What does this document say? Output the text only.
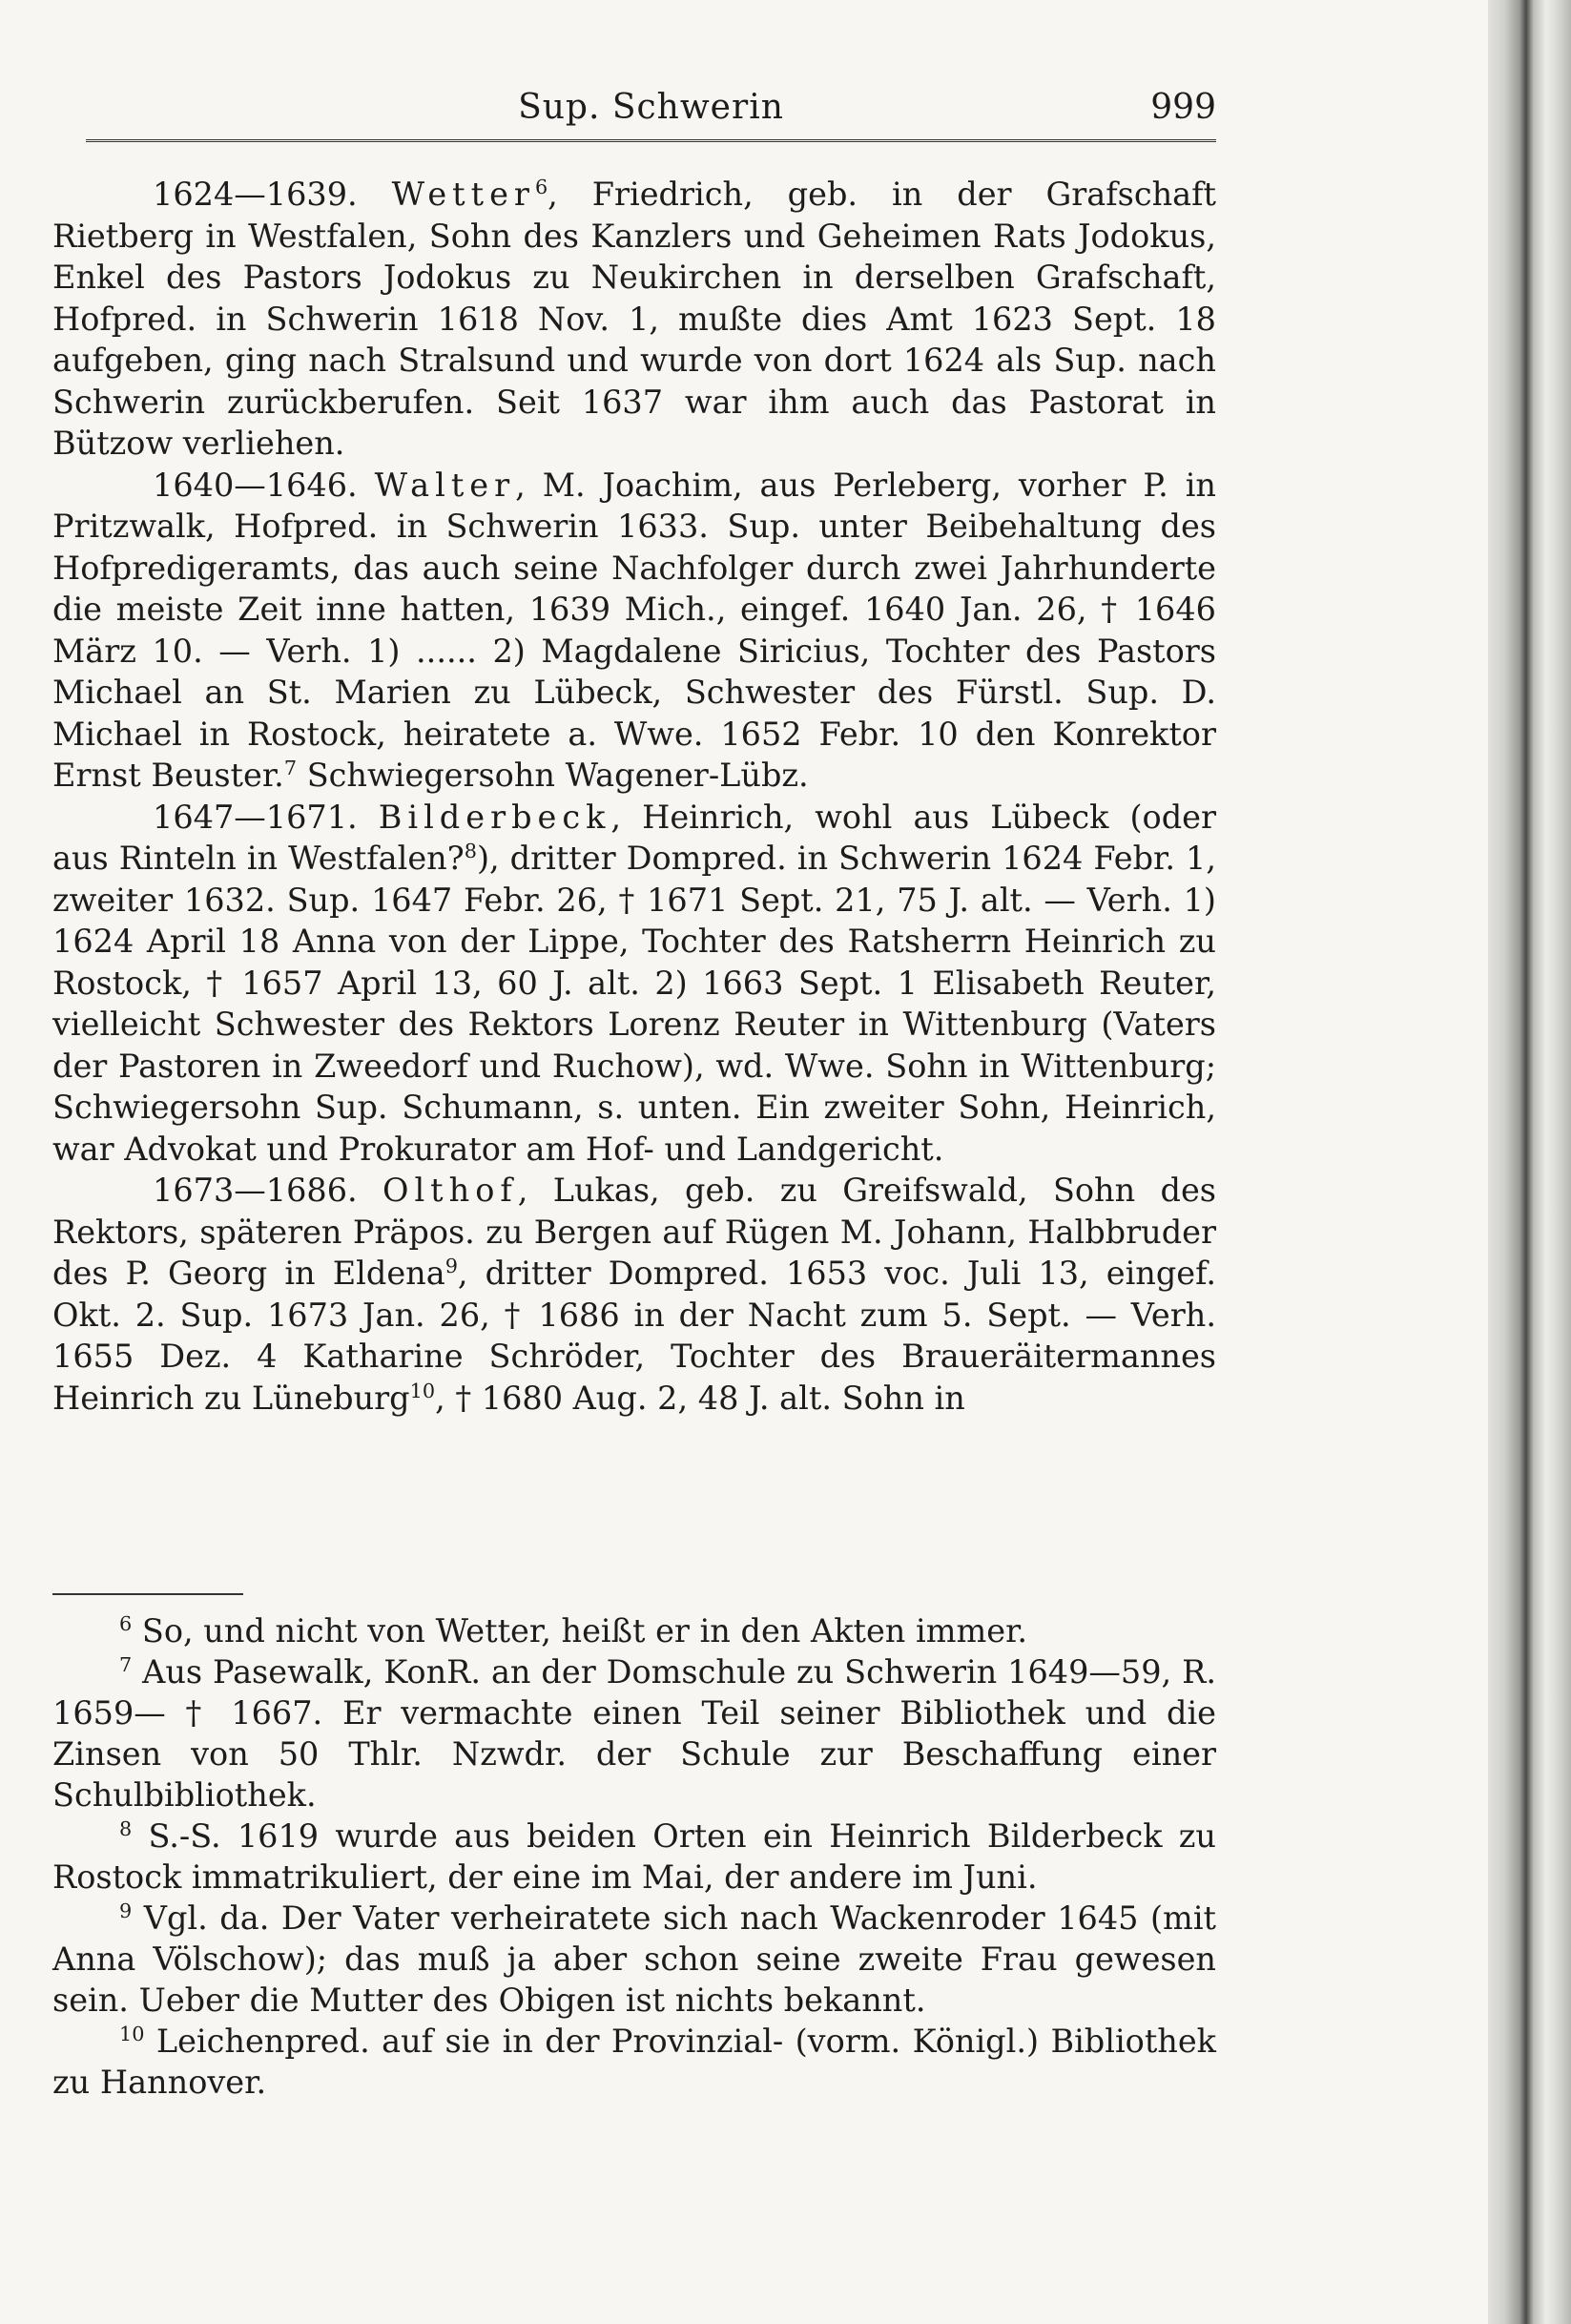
Sup. Schwerin	999

1624—1639. Wetter$^6$, Friedrich, geb. in der Grafschaft Rietberg in Westfalen, Sohn des Kanzlers und Geheimen Rats Jodokus, Enkel des Pastors Jodokus zu Neukirchen in derselben Grafschaft, Hofpred. in Schwerin 1618 Nov. 1, mußte dies Amt 1623 Sept. 18 aufgeben, ging nach Stralsund und wurde von dort 1624 als Sup. nach Schwerin zurückberufen. Seit 1637 war ihm auch das Pastorat in Bützow verliehen.

1640—1646. Walter, M. Joachim, aus Perleberg, vorher P. in Pritzwalk, Hofpred. in Schwerin 1633. Sup. unter Beibehaltung des Hofpredigeramts, das auch seine Nachfolger durch zwei Jahrhunderte die meiste Zeit inne hatten, 1639 Mich., eingef. 1640 Jan. 26, † 1646 März 10. — Verh. 1) ...... 2) Magdalene Siricius, Tochter des Pastors Michael an St. Marien zu Lübeck, Schwester des Fürstl. Sup. D. Michael in Rostock, heiratete a. Wwe. 1652 Febr. 10 den Konrektor Ernst Beuster.$^7$ Schwiegersohn Wagener-Lübz.

1647—1671. Bilderbeck, Heinrich, wohl aus Lübeck (oder aus Rinteln in Westfalen?$^8$), dritter Dompred. in Schwerin 1624 Febr. 1, zweiter 1632. Sup. 1647 Febr. 26, † 1671 Sept. 21, 75 J. alt. — Verh. 1) 1624 April 18 Anna von der Lippe, Tochter des Ratsherrn Heinrich zu Rostock, † 1657 April 13, 60 J. alt. 2) 1663 Sept. 1 Elisabeth Reuter, vielleicht Schwester des Rektors Lorenz Reuter in Wittenburg (Vaters der Pastoren in Zweedorf und Ruchow), wd. Wwe. Sohn in Wittenburg; Schwiegersohn Sup. Schumann, s. unten. Ein zweiter Sohn, Heinrich, war Advokat und Prokurator am Hof- und Landgericht.

1673—1686. Olthof, Lukas, geb. zu Greifswald, Sohn des Rektors, späteren Präpos. zu Bergen auf Rügen M. Johann, Halbbruder des P. Georg in Eldena$^9$, dritter Dompred. 1653 voc. Juli 13, eingef. Okt. 2. Sup. 1673 Jan. 26, † 1686 in der Nacht zum 5. Sept. — Verh. 1655 Dez. 4 Katharine Schröder, Tochter des Braueräitermannes Heinrich zu Lüneburg$^{10}$, † 1680 Aug. 2, 48 J. alt. Sohn in

$^6$ So, und nicht von Wetter, heißt er in den Akten immer.

$^7$ Aus Pasewalk, KonR. an der Domschule zu Schwerin 1649—59, R. 1659— † 1667. Er vermachte einen Teil seiner Bibliothek und die Zinsen von 50 Thlr. Nzwdr. der Schule zur Beschaffung einer Schulbibliothek.

$^8$ S.-S. 1619 wurde aus beiden Orten ein Heinrich Bilderbeck zu Rostock immatrikuliert, der eine im Mai, der andere im Juni.

$^9$ Vgl. da. Der Vater verheiratete sich nach Wackenroder 1645 (mit Anna Völschow); das muß ja aber schon seine zweite Frau gewesen sein. Ueber die Mutter des Obigen ist nichts bekannt.

$^{10}$ Leichenpred. auf sie in der Provinzial- (vorm. Königl.) Bibliothek zu Hannover.
